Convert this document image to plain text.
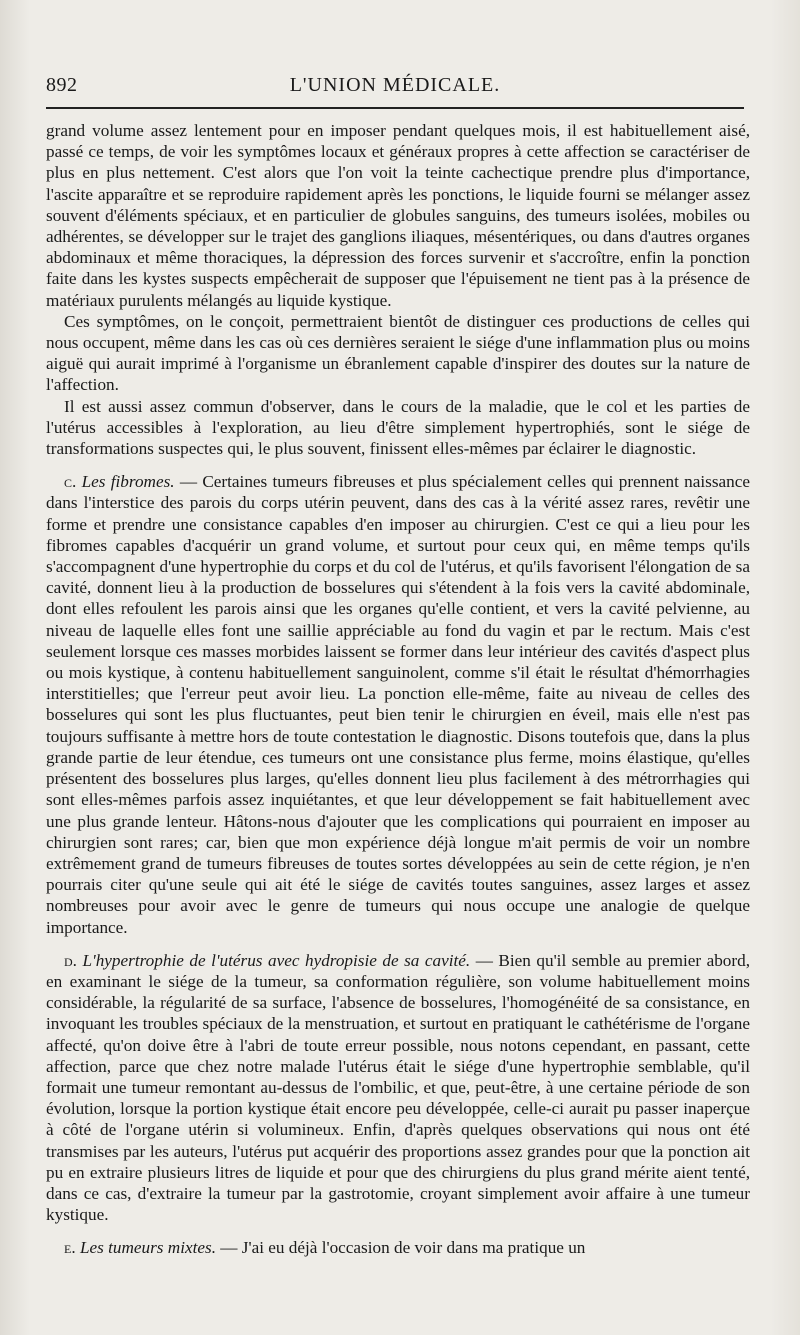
892	L'UNION MÉDICALE.

grand volume assez lentement pour en imposer pendant quelques mois, il est habituellement aisé, passé ce temps, de voir les symptômes locaux et généraux propres à cette affection se caractériser de plus en plus nettement. C'est alors que l'on voit la teinte cachectique prendre plus d'importance, l'ascite apparaître et se reproduire rapidement après les ponctions, le liquide fourni se mélanger assez souvent d'éléments spéciaux, et en particulier de globules sanguins, des tumeurs isolées, mobiles ou adhérentes, se développer sur le trajet des ganglions iliaques, mésentériques, ou dans d'autres organes abdominaux et même thoraciques, la dépression des forces survenir et s'accroître, enfin la ponction faite dans les kystes suspects empêcherait de supposer que l'épuisement ne tient pas à la présence de matériaux purulents mélangés au liquide kystique.

Ces symptômes, on le conçoit, permettraient bientôt de distinguer ces productions de celles qui nous occupent, même dans les cas où ces dernières seraient le siége d'une inflammation plus ou moins aiguë qui aurait imprimé à l'organisme un ébranlement capable d'inspirer des doutes sur la nature de l'affection.

Il est aussi assez commun d'observer, dans le cours de la maladie, que le col et les parties de l'utérus accessibles à l'exploration, au lieu d'être simplement hypertrophiés, sont le siége de transformations suspectes qui, le plus souvent, finissent elles-mêmes par éclairer le diagnostic.

c. Les fibromes. — Certaines tumeurs fibreuses et plus spécialement celles qui prennent naissance dans l'interstice des parois du corps utérin peuvent, dans des cas à la vérité assez rares, revêtir une forme et prendre une consistance capables d'en imposer au chirurgien. C'est ce qui a lieu pour les fibromes capables d'acquérir un grand volume, et surtout pour ceux qui, en même temps qu'ils s'accompagnent d'une hypertrophie du corps et du col de l'utérus, et qu'ils favorisent l'élongation de sa cavité, donnent lieu à la production de bosselures qui s'étendent à la fois vers la cavité abdominale, dont elles refoulent les parois ainsi que les organes qu'elle contient, et vers la cavité pelvienne, au niveau de laquelle elles font une saillie appréciable au fond du vagin et par le rectum. Mais c'est seulement lorsque ces masses morbides laissent se former dans leur intérieur des cavités d'aspect plus ou mois kystique, à contenu habituellement sanguinolent, comme s'il était le résultat d'hémorrhagies interstitielles; que l'erreur peut avoir lieu. La ponction elle-même, faite au niveau de celles des bosselures qui sont les plus fluctuantes, peut bien tenir le chirurgien en éveil, mais elle n'est pas toujours suffisante à mettre hors de toute contestation le diagnostic. Disons toutefois que, dans la plus grande partie de leur étendue, ces tumeurs ont une consistance plus ferme, moins élastique, qu'elles présentent des bosselures plus larges, qu'elles donnent lieu plus facilement à des métrorrhagies qui sont elles-mêmes parfois assez inquiétantes, et que leur développement se fait habituellement avec une plus grande lenteur. Hâtons-nous d'ajouter que les complications qui pourraient en imposer au chirurgien sont rares; car, bien que mon expérience déjà longue m'ait permis de voir un nombre extrêmement grand de tumeurs fibreuses de toutes sortes développées au sein de cette région, je n'en pourrais citer qu'une seule qui ait été le siége de cavités toutes sanguines, assez larges et assez nombreuses pour avoir avec le genre de tumeurs qui nous occupe une analogie de quelque importance.

d. L'hypertrophie de l'utérus avec hydropisie de sa cavité. — Bien qu'il semble au premier abord, en examinant le siége de la tumeur, sa conformation régulière, son volume habituellement moins considérable, la régularité de sa surface, l'absence de bosselures, l'homogénéité de sa consistance, en invoquant les troubles spéciaux de la menstruation, et surtout en pratiquant le cathétérisme de l'organe affecté, qu'on doive être à l'abri de toute erreur possible, nous notons cependant, en passant, cette affection, parce que chez notre malade l'utérus était le siége d'une hypertrophie semblable, qu'il formait une tumeur remontant au-dessus de l'ombilic, et que, peut-être, à une certaine période de son évolution, lorsque la portion kystique était encore peu développée, celle-ci aurait pu passer inaperçue à côté de l'organe utérin si volumineux. Enfin, d'après quelques observations qui nous ont été transmises par les auteurs, l'utérus put acquérir des proportions assez grandes pour que la ponction ait pu en extraire plusieurs litres de liquide et pour que des chirurgiens du plus grand mérite aient tenté, dans ce cas, d'extraire la tumeur par la gastrotomie, croyant simplement avoir affaire à une tumeur kystique.

e. Les tumeurs mixtes. — J'ai eu déjà l'occasion de voir dans ma pratique un
